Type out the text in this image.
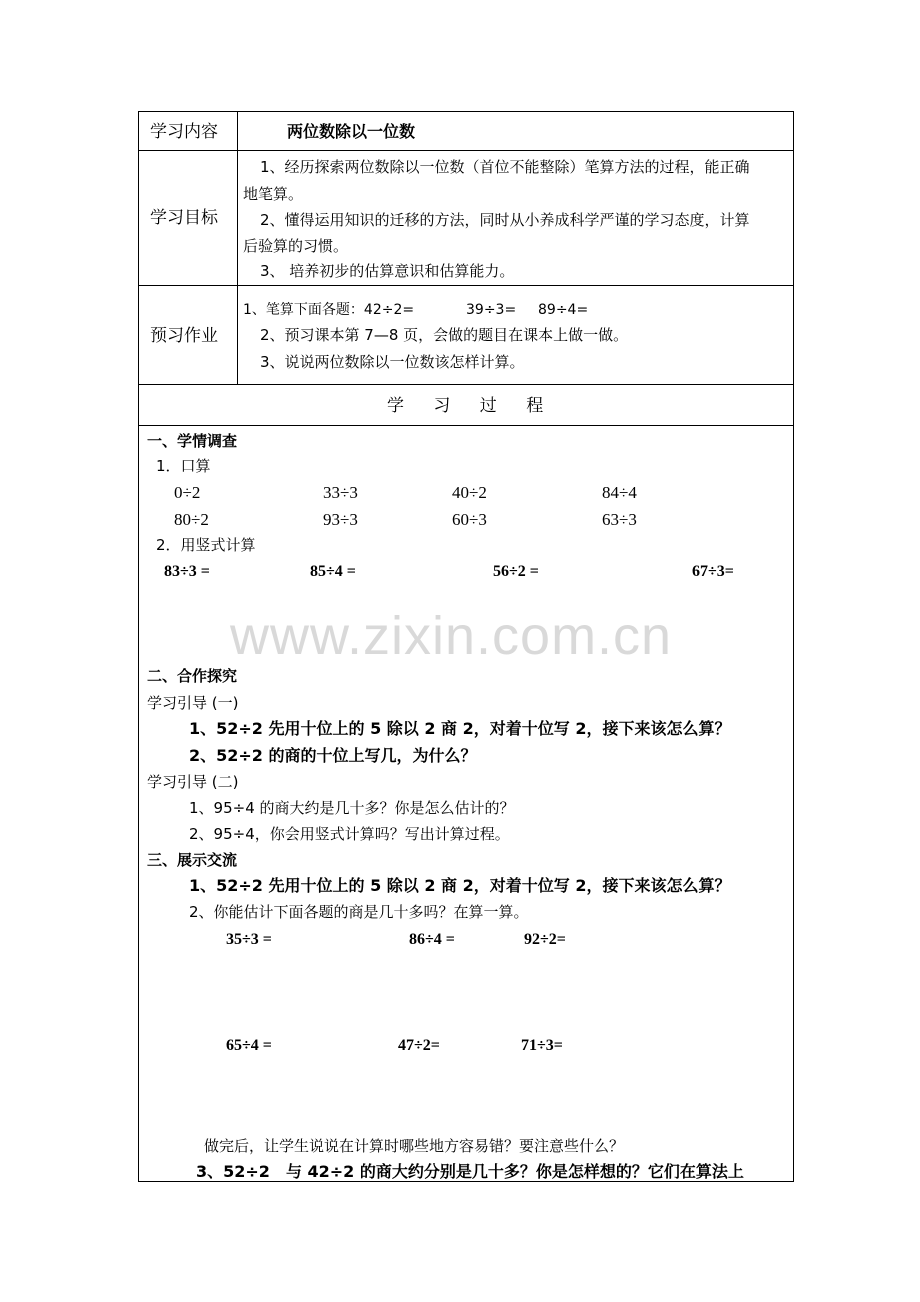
学习内容	两位数除以一位数
学习目标
1、经历探索两位数除以一位数（首位不能整除）笔算方法的过程，能正确
地笔算。
2、懂得运用知识的迁移的方法，同时从小养成科学严谨的学习态度，计算
后验算的习惯。
3、 培养初步的估算意识和估算能力。
预习作业
1、笔算下面各题：42÷2=	39÷3= 89÷4=
2、预习课本第 7—8 页，会做的题目在课本上做一做。
3、说说两位数除以一位数该怎样计算。
学 习 过 程
www.zixin.com.cn
一、学情调查
1．口算
0÷2	33÷3	40÷2	84÷4
80÷2	93÷3	60÷3	63÷3
2．用竖式计算
83÷3 =	85÷4 =	56÷2 =	67÷3=
二、合作探究
学习引导 (一)
1、52÷2 先用十位上的 5 除以 2 商 2，对着十位写 2，接下来该怎么算？
2、52÷2 的商的十位上写几，为什么？
学习引导 (二)
1、95÷4 的商大约是几十多？你是怎么估计的？
2、95÷4，你会用竖式计算吗？写出计算过程。
三、展示交流
1、52÷2 先用十位上的 5 除以 2 商 2，对着十位写 2，接下来该怎么算？
2、你能估计下面各题的商是几十多吗？在算一算。
35÷3 =	86÷4 =	92÷2=
65÷4 =	47÷2=	71÷3=
做完后，让学生说说在计算时哪些地方容易错？要注意些什么？
3、52÷2　与 42÷2 的商大约分别是几十多？你是怎样想的？它们在算法上
